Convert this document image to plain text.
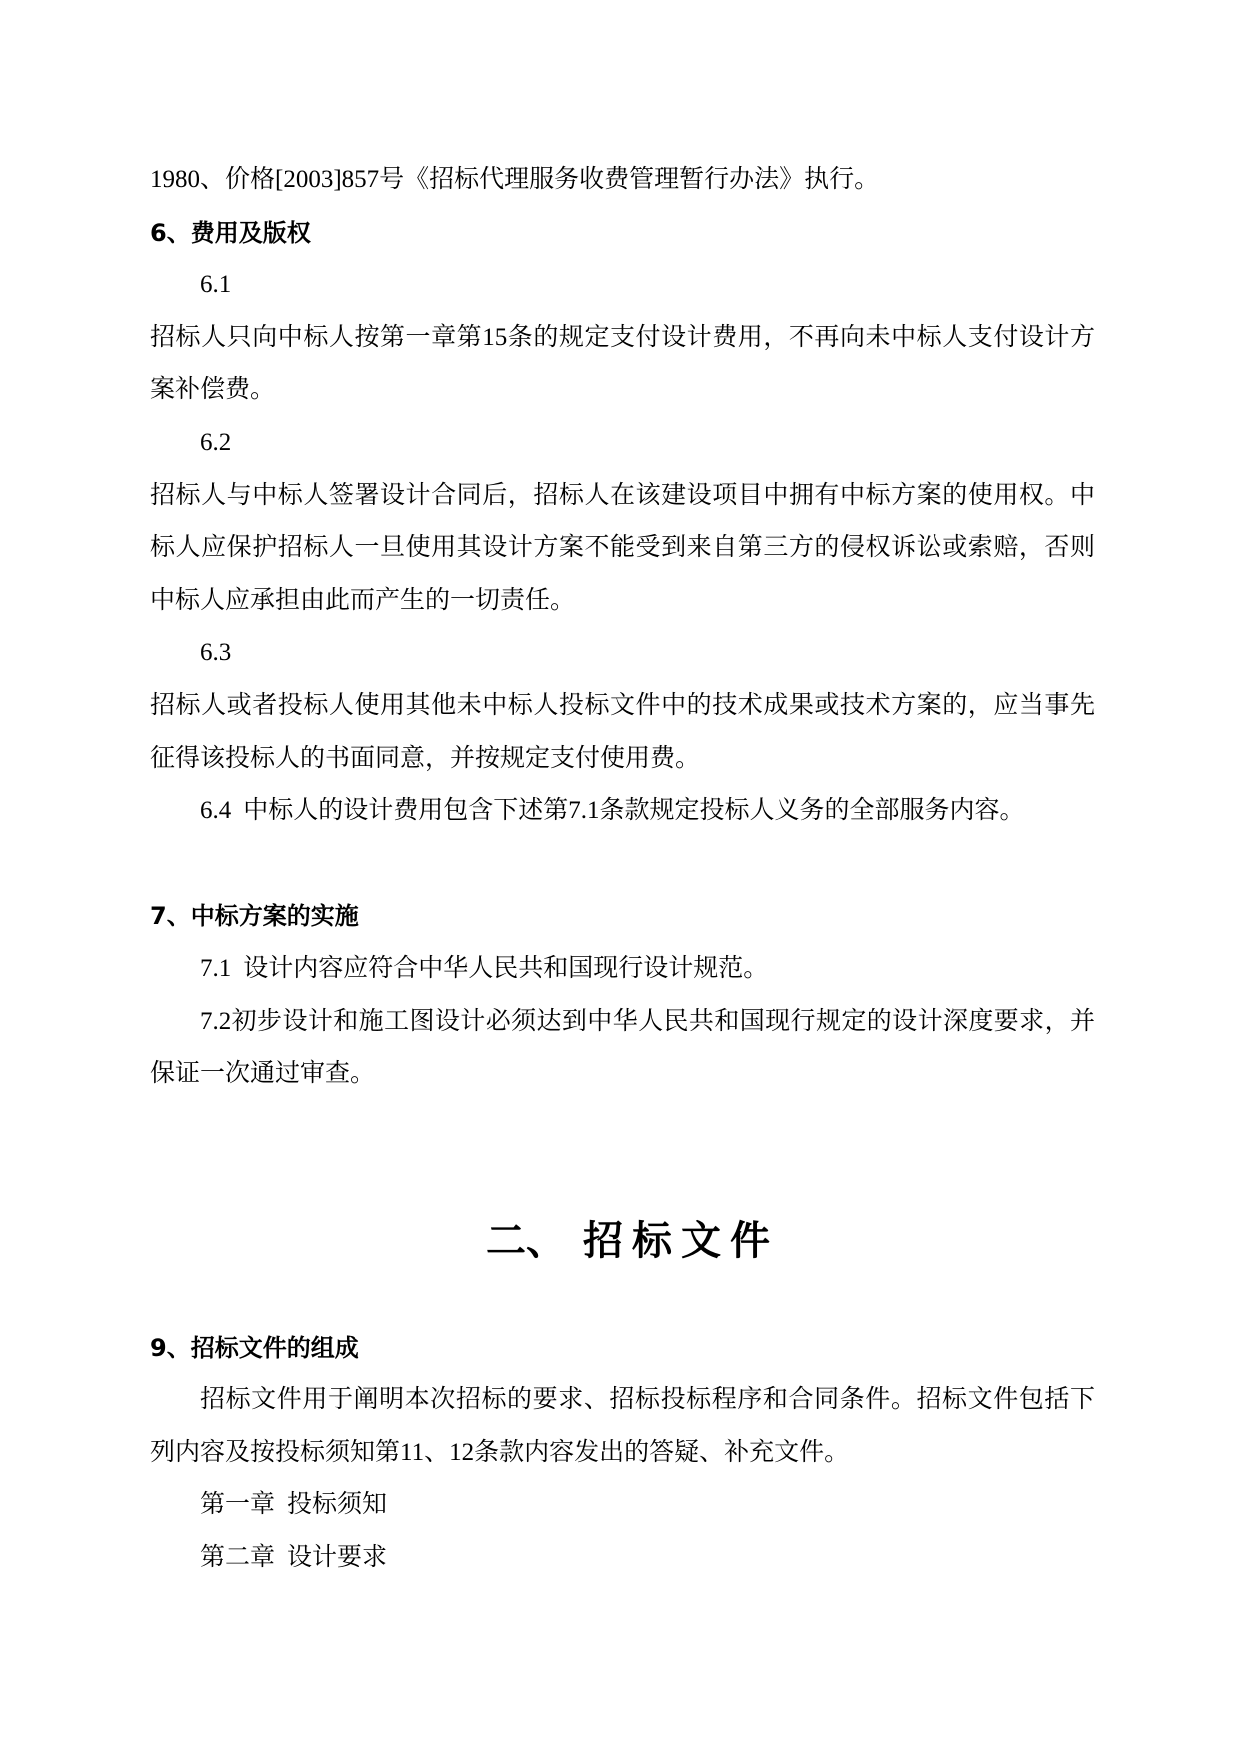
1980、价格[2003]857号《招标代理服务收费管理暂行办法》执行。
6、费用及版权
6.1
招标人只向中标人按第一章第15条的规定支付设计费用，不再向未中标人支付设计方
案补偿费。
6.2
招标人与中标人签署设计合同后，招标人在该建设项目中拥有中标方案的使用权。中
标人应保护招标人一旦使用其设计方案不能受到来自第三方的侵权诉讼或索赔，否则
中标人应承担由此而产生的一切责任。
6.3
招标人或者投标人使用其他未中标人投标文件中的技术成果或技术方案的，应当事先
征得该投标人的书面同意，并按规定支付使用费。
6.4 中标人的设计费用包含下述第7.1条款规定投标人义务的全部服务内容。
7、中标方案的实施
7.1 设计内容应符合中华人民共和国现行设计规范。
7.2初步设计和施工图设计必须达到中华人民共和国现行规定的设计深度要求，并
保证一次通过审查。
二、 招标文件
9、招标文件的组成
招标文件用于阐明本次招标的要求、招标投标程序和合同条件。招标文件包括下
列内容及按投标须知第11、12条款内容发出的答疑、补充文件。
第一章 投标须知
第二章 设计要求
